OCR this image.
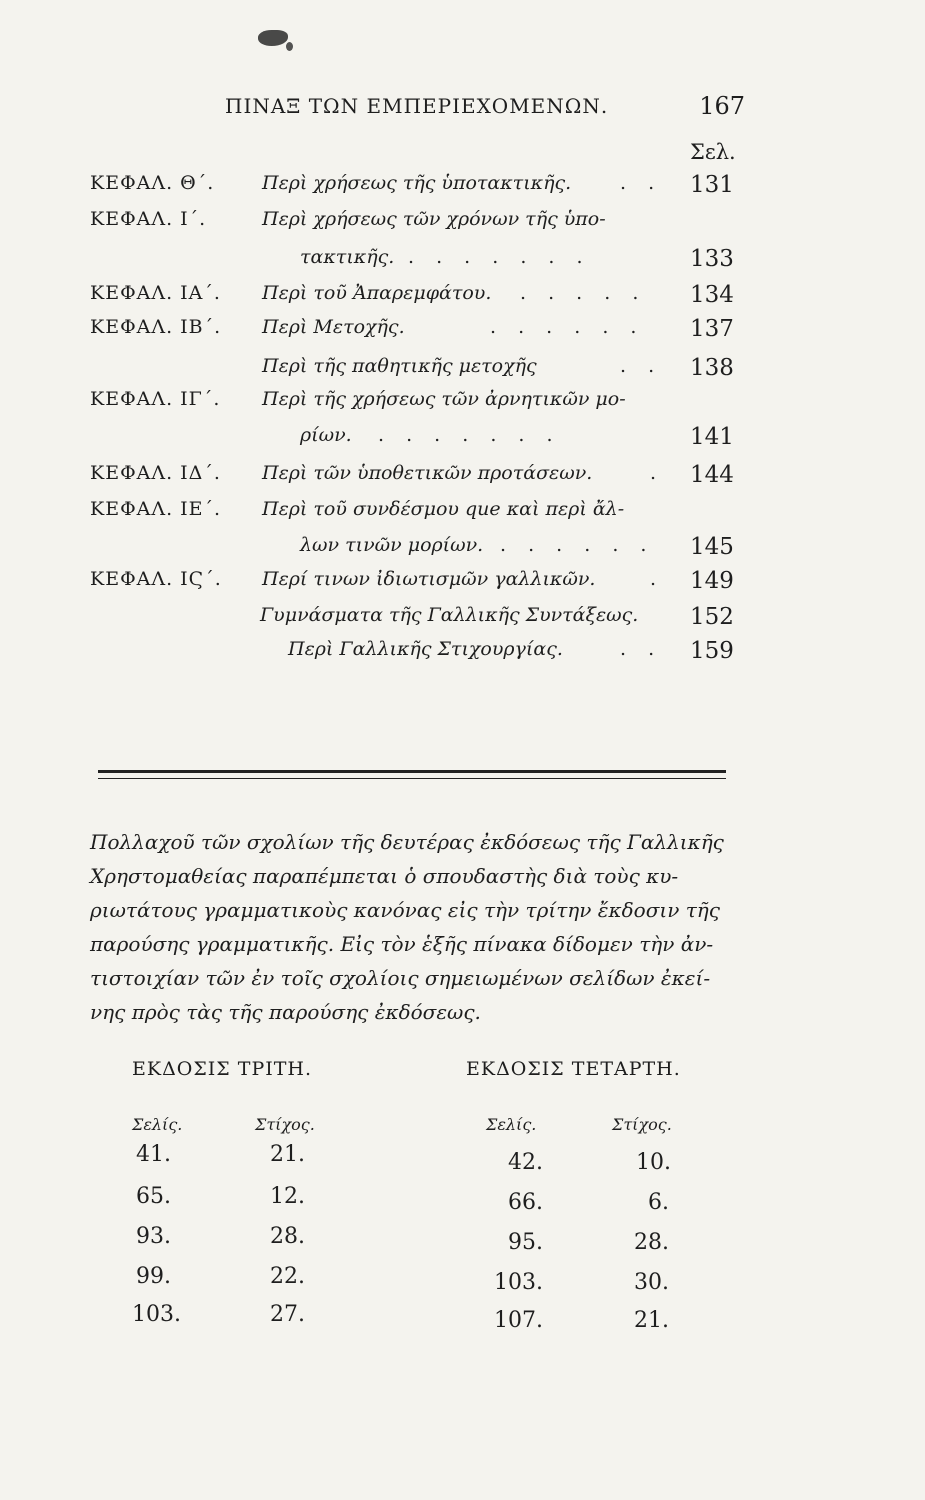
ΠΙΝΑΞ ΤΩΝ ΕΜΠΕΡΙΕΧΟΜΕΝΩΝ.	167
Σελ.
ΚΕΦΑΛ. Θ΄.	Περὶ χρήσεως τῆς ὑποτακτικῆς.	. . 131
ΚΕΦΑΛ. Ι΄.	Περὶ χρήσεως τῶν χρόνων τῆς ὑπο-
τακτικῆς. . . . . . . .	133
ΚΕΦΑΛ. ΙΑ΄. Περὶ τοῦ Ἀπαρεμφάτου. . . . . . 134
ΚΕΦΑΛ. ΙΒ΄. Περὶ Μετοχῆς.	. . . . . . 137
Περὶ τῆς παθητικῆς μετοχῆς	. . 138
ΚΕΦΑΛ. ΙΓ΄. Περὶ τῆς χρήσεως τῶν ἀρνητικῶν μο-
ρίων. . . . . . . .	141
ΚΕΦΑΛ. ΙΔ΄. Περὶ τῶν ὑποθετικῶν προτάσεων.	. 144
ΚΕΦΑΛ. ΙΕ΄. Περὶ τοῦ συνδέσμου que καὶ περὶ ἄλ-
λων τινῶν μορίων. . . . . . . 145
ΚΕΦΑΛ. ΙϚ΄. Περί τινων ἰδιωτισμῶν γαλλικῶν.	. 149
Γυμνάσματα τῆς Γαλλικῆς Συντάξεως. 152
Περὶ Γαλλικῆς Στιχουργίας.	. . 159
Πολλαχοῦ τῶν σχολίων τῆς δευτέρας ἐκδόσεως τῆς Γαλλικῆς
Χρηστομαθείας παραπέμπεται ὁ σπουδαστὴς διὰ τοὺς κυ-
ριωτάτους γραμματικοὺς κανόνας εἰς τὴν τρίτην ἔκδοσιν τῆς
παρούσης γραμματικῆς. Εἰς τὸν ἑξῆς πίνακα δίδομεν τὴν ἀν-
τιστοιχίαν τῶν ἐν τοῖς σχολίοις σημειωμένων σελίδων ἐκεί-
νης πρὸς τὰς τῆς παρούσης ἐκδόσεως.
ΕΚΔΟΣΙΣ ΤΡΙΤΗ.
Σελίς.	Στίχος.
41.	21.
65.	12.
93.	28.
99.	22.
103.	27.
ΕΚΔΟΣΙΣ ΤΕΤΑΡΤΗ.
Σελίς.	Στίχος.
42.	10.
66.	6.
95.	28.
103.	30.
107.	21.
